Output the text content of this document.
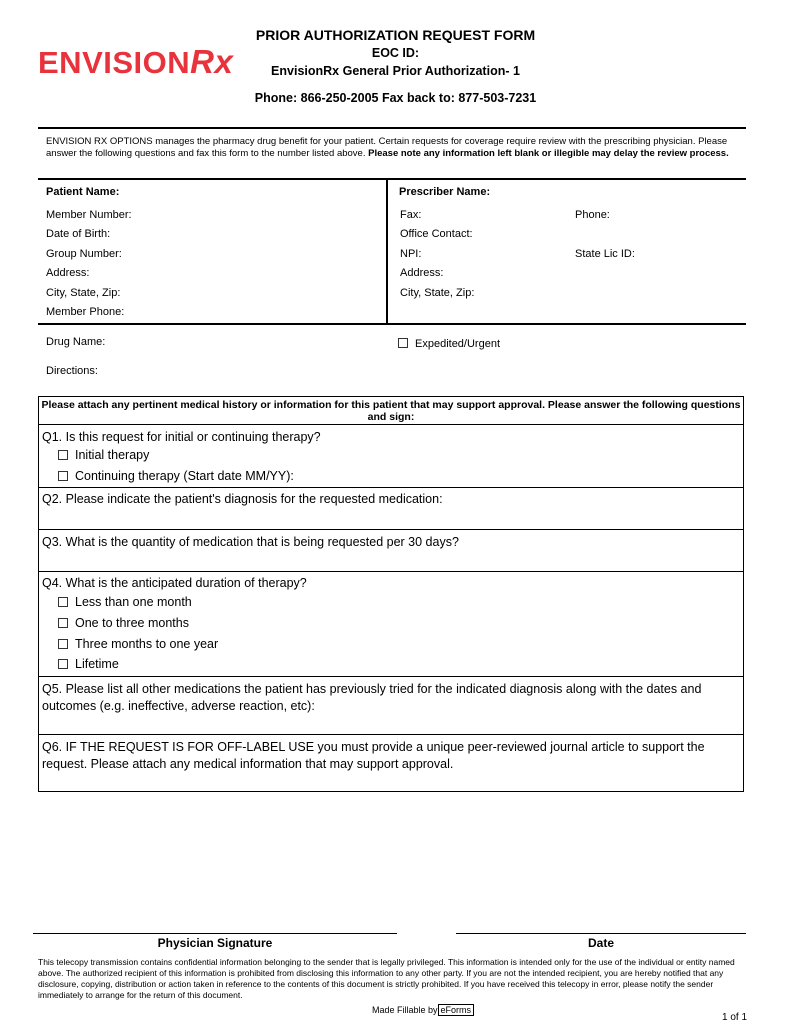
ENVISIONRx
PRIOR AUTHORIZATION REQUEST FORM
EOC ID:
EnvisionRx General Prior Authorization- 1
Phone: 866-250-2005 Fax back to: 877-503-7231
ENVISION RX OPTIONS manages the pharmacy drug benefit for your patient. Certain requests for coverage require review with the prescribing physician. Please answer the following questions and fax this form to the number listed above. Please note any information left blank or illegible may delay the review process.
Patient Name:
Member Number:
Date of Birth:
Group Number:
Address:
City, State, Zip:
Member Phone:
Prescriber Name:
Fax:	Phone:
Office Contact:
NPI:	State Lic ID:
Address:
City, State, Zip:
Drug Name:	Expedited/Urgent
Directions:
Please attach any pertinent medical history or information for this patient that may support approval. Please answer the following questions and sign:
Q1. Is this request for initial or continuing therapy?
Initial therapy
Continuing therapy (Start date MM/YY):
Q2. Please indicate the patient's diagnosis for the requested medication:
Q3. What is the quantity of medication that is being requested per 30 days?
Q4. What is the anticipated duration of therapy?
Less than one month
One to three months
Three months to one year
Lifetime
Q5. Please list all other medications the patient has previously tried for the indicated diagnosis along with the dates and outcomes (e.g. ineffective, adverse reaction, etc):
Q6. IF THE REQUEST IS FOR OFF-LABEL USE you must provide a unique peer-reviewed journal article to support the request. Please attach any medical information that may support approval.
Physician Signature	Date
This telecopy transmission contains confidential information belonging to the sender that is legally privileged. This information is intended only for the use of the individual or entity named above. The authorized recipient of this information is prohibited from disclosing this information to any other party. If you are not the intended recipient, you are hereby notified that any disclosure, copying, distribution or action taken in reference to the contents of this document is strictly prohibited. If you have received this telecopy in error, please notify the sender immediately to arrange for the return of this document.
Made Fillable by eForms
1 of 1
